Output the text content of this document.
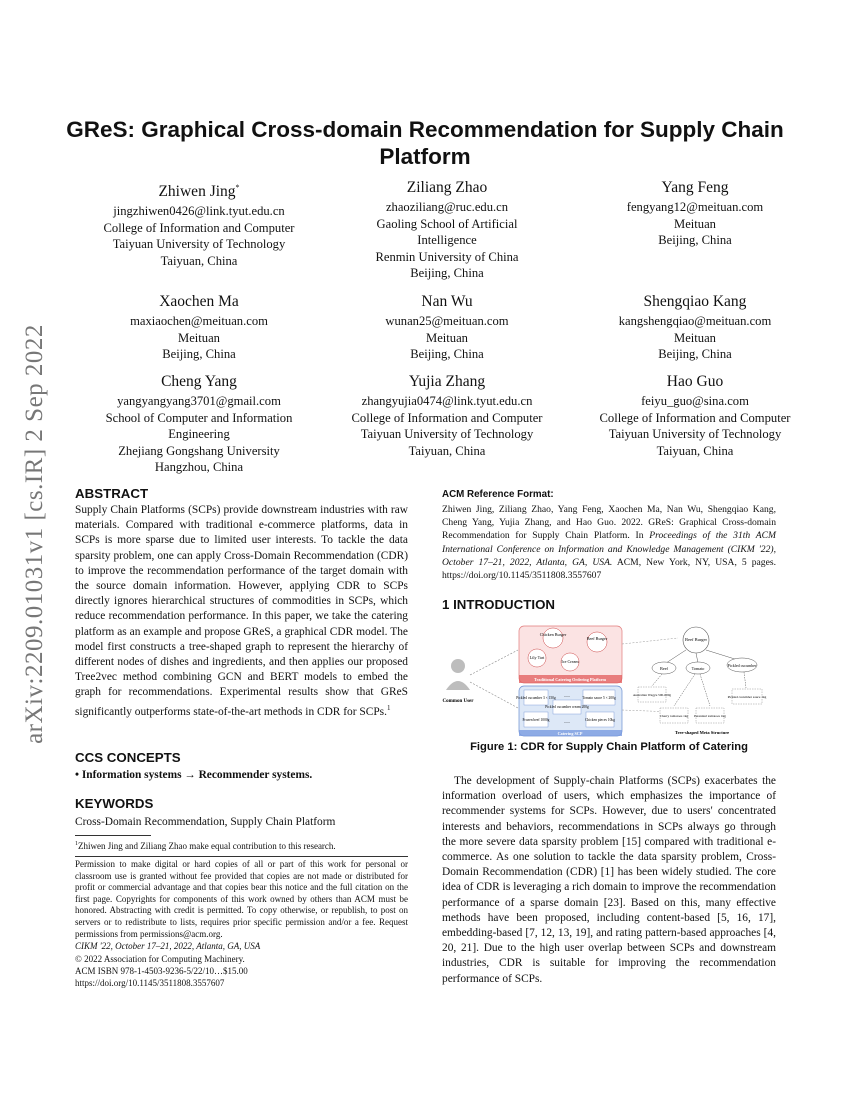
arXiv:2209.01031v1 [cs.IR] 2 Sep 2022
GReS: Graphical Cross-domain Recommendation for Supply Chain Platform
Zhiwen Jing*
jingzhiwen0426@link.tyut.edu.cn
College of Information and Computer
Taiyuan University of Technology
Taiyuan, China
Ziliang Zhao
zhaoziliang@ruc.edu.cn
Gaoling School of Artificial
Intelligence
Renmin University of China
Beijing, China
Yang Feng
fengyang12@meituan.com
Meituan
Beijing, China
Xaochen Ma
maxiaochen@meituan.com
Meituan
Beijing, China
Nan Wu
wunan25@meituan.com
Meituan
Beijing, China
Shengqiao Kang
kangshengqiao@meituan.com
Meituan
Beijing, China
Cheng Yang
yangyangyang3701@gmail.com
School of Computer and Information
Engineering
Zhejiang Gongshang University
Hangzhou, China
Yujia Zhang
zhangyujia0474@link.tyut.edu.cn
College of Information and Computer
Taiyuan University of Technology
Taiyuan, China
Hao Guo
feiyu_guo@sina.com
College of Information and Computer
Taiyuan University of Technology
Taiyuan, China
ABSTRACT
Supply Chain Platforms (SCPs) provide downstream industries with raw materials. Compared with traditional e-commerce platforms, data in SCPs is more sparse due to limited user interests. To tackle the data sparsity problem, one can apply Cross-Domain Recommendation (CDR) to improve the recommendation performance of the target domain with the source domain information. However, applying CDR to SCPs directly ignores hierarchical structures of commodities in SCPs, which reduce recommendation performance. In this paper, we take the catering platform as an example and propose GReS, a graphical CDR model. The model first constructs a tree-shaped graph to represent the hierarchy of different nodes of dishes and ingredients, and then applies our proposed Tree2vec method combining GCN and BERT models to embed the graph for recommendations. Experimental results show that GReS significantly outperforms state-of-the-art methods in CDR for SCPs.$^1$
CCS CONCEPTS
• Information systems → Recommender systems.
KEYWORDS
Cross-Domain Recommendation, Supply Chain Platform
$^1$Zhiwen Jing and Ziliang Zhao make equal contribution to this research.
Permission to make digital or hard copies of all or part of this work for personal or classroom use is granted without fee provided that copies are not made or distributed for profit or commercial advantage and that copies bear this notice and the full citation on the first page. Copyrights for components of this work owned by others than ACM must be honored. Abstracting with credit is permitted. To copy otherwise, or republish, to post on servers or to redistribute to lists, requires prior specific permission and/or a fee. Request permissions from permissions@acm.org.
CIKM '22, October 17–21, 2022, Atlanta, GA, USA
© 2022 Association for Computing Machinery.
ACM ISBN 978-1-4503-9236-5/22/10…$15.00
https://doi.org/10.1145/3511808.3557607
ACM Reference Format:
Zhiwen Jing, Ziliang Zhao, Yang Feng, Xaochen Ma, Nan Wu, Shengqiao Kang, Cheng Yang, Yujia Zhang, and Hao Guo. 2022. GReS: Graphical Cross-domain Recommendation for Supply Chain Platform. In Proceedings of the 31th ACM International Conference on Information and Knowledge Management (CIKM '22), October 17–21, 2022, Atlanta, GA, USA. ACM, New York, NY, USA, 5 pages. https://doi.org/10.1145/3511808.3557607
1 INTRODUCTION
Common User
Chicken Burger
Beef Burger
Ice Cream
Lily Tart
Traditional Catering Ordering Platform
Pickled cucumber 3 × 150g	Tomato sauce 5 × 200g
Pickled cucumber cream 200g
Frozen beef 1000g	Chicken pieces 10kg
…
…
Catering SCP
Beef Burger
Beef	Tomato
Pickled cucumber
Australian Wagyu 500-600g
Cherry tomatoes 1kg Perennial tomatoes 1kg
Pickled cucumber sauce 1kg
Tree-shaped Meta Structure
Figure 1: CDR for Supply Chain Platform of Catering
The development of Supply-chain Platforms (SCPs) exacerbates the information overload of users, which emphasizes the importance of recommender systems for SCPs. However, due to users' concentrated interests and behaviors, recommendations in SCPs always go through the more severe data sparsity problem [15] compared with traditional e-commerce. As one solution to tackle the data sparsity problem, Cross-Domain Recommendation (CDR) [1] has been widely studied. The core idea of CDR is leveraging a rich domain to improve the recommendation performance of a sparse domain [23]. Based on this, many effective methods have been proposed, including content-based [5, 16, 17], embedding-based [7, 12, 13, 19], and rating pattern-based approaches [4, 20, 21]. Due to the high user overlap between SCPs and downstream industries, CDR is suitable for improving the recommendation performance of SCPs.
